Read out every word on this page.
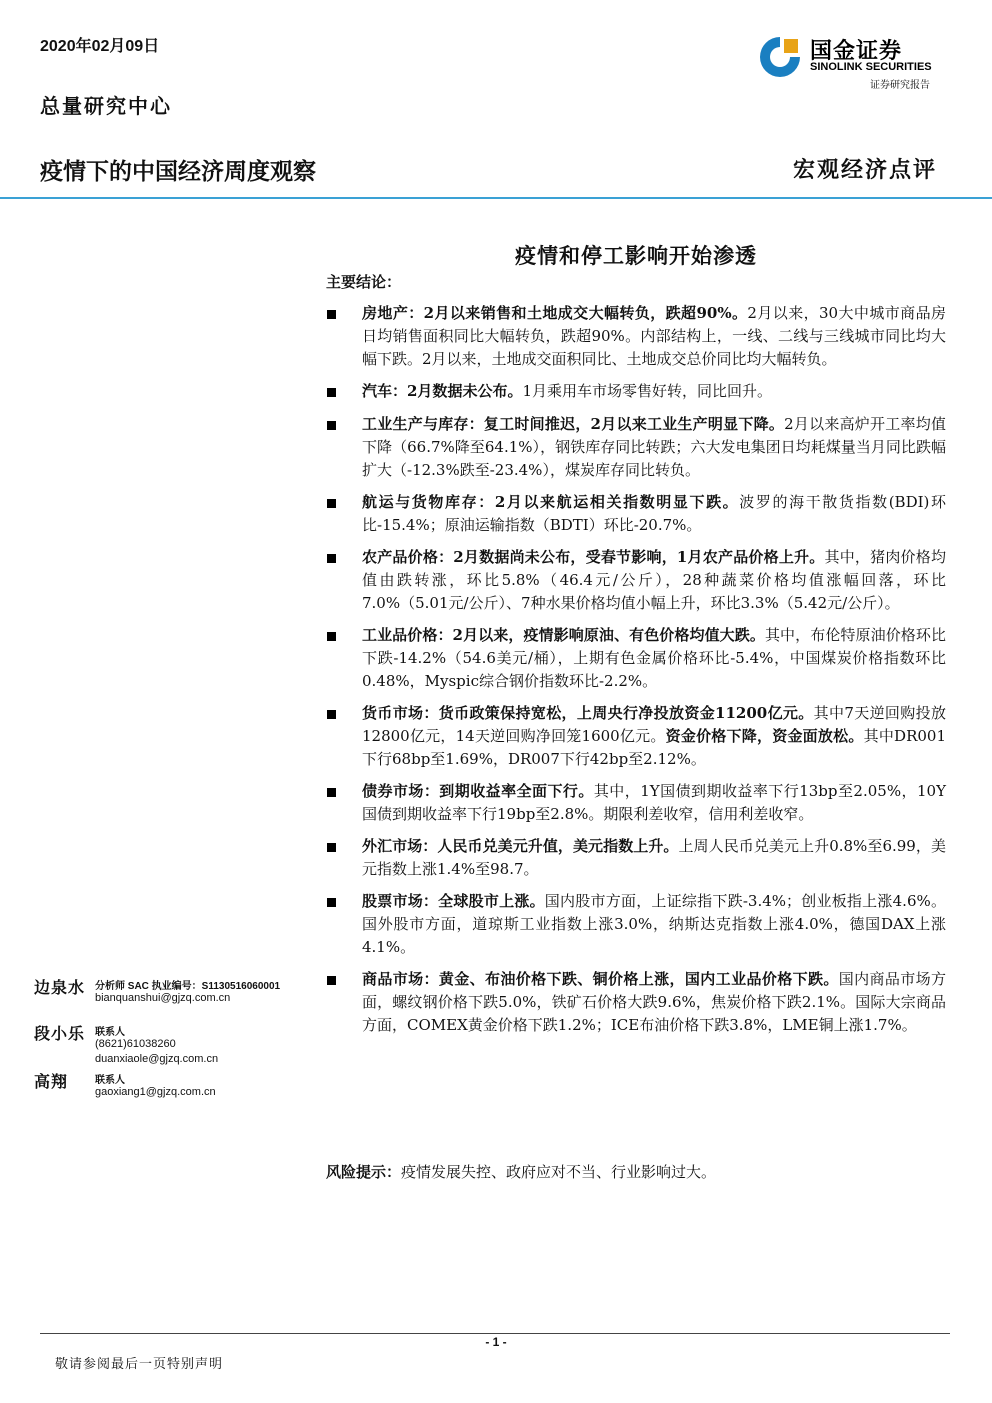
2020年02月09日
总量研究中心
国金证券
SINOLINK SECURITIES
证券研究报告
疫情下的中国经济周度观察	宏观经济点评
疫情和停工影响开始渗透
主要结论：
房地产：2月以来销售和土地成交大幅转负，跌超90%。2月以来，30大中城市商品房日均销售面积同比大幅转负，跌超90%。内部结构上，一线、二线与三线城市同比均大幅下跌。2月以来，土地成交面积同比、土地成交总价同比均大幅转负。
汽车：2月数据未公布。1月乘用车市场零售好转，同比回升。
工业生产与库存：复工时间推迟，2月以来工业生产明显下降。2月以来高炉开工率均值下降（66.7%降至64.1%），钢铁库存同比转跌；六大发电集团日均耗煤量当月同比跌幅扩大（-12.3%跌至-23.4%），煤炭库存同比转负。
航运与货物库存：2月以来航运相关指数明显下跌。波罗的海干散货指数(BDI)环比-15.4%；原油运输指数（BDTI）环比-20.7%。
农产品价格：2月数据尚未公布，受春节影响，1月农产品价格上升。其中，猪肉价格均值由跌转涨，环比5.8%（46.4元/公斤），28种蔬菜价格均值涨幅回落，环比7.0%（5.01元/公斤）、7种水果价格均值小幅上升，环比3.3%（5.42元/公斤）。
工业品价格：2月以来，疫情影响原油、有色价格均值大跌。其中，布伦特原油价格环比下跌-14.2%（54.6美元/桶），上期有色金属价格环比-5.4%，中国煤炭价格指数环比0.48%，Myspic综合钢价指数环比-2.2%。
货币市场：货币政策保持宽松，上周央行净投放资金11200亿元。其中7天逆回购投放12800亿元，14天逆回购净回笼1600亿元。资金价格下降，资金面放松。其中DR001下行68bp至1.69%，DR007下行42bp至2.12%。
债券市场：到期收益率全面下行。其中，1Y国债到期收益率下行13bp至2.05%，10Y国债到期收益率下行19bp至2.8%。期限利差收窄，信用利差收窄。
外汇市场：人民币兑美元升值，美元指数上升。上周人民币兑美元上升0.8%至6.99，美元指数上涨1.4%至98.7。
股票市场：全球股市上涨。国内股市方面，上证综指下跌-3.4%；创业板指上涨4.6%。国外股市方面，道琼斯工业指数上涨3.0%，纳斯达克指数上涨4.0%，德国DAX上涨4.1%。
商品市场：黄金、布油价格下跌、铜价格上涨，国内工业品价格下跌。国内商品市场方面，螺纹钢价格下跌5.0%，铁矿石价格大跌9.6%，焦炭价格下跌2.1%。国际大宗商品方面，COMEX黄金价格下跌1.2%；ICE布油价格下跌3.8%，LME铜上涨1.7%。
风险提示：疫情发展失控、政府应对不当、行业影响过大。
边泉水 分析师 SAC 执业编号：S1130516060001
bianquanshui@gjzq.com.cn
段小乐 联系人
(8621)61038260
duanxiaole@gjzq.com.cn
高翔	联系人
gaoxiang1@gjzq.com.cn
- 1 -
敬请参阅最后一页特别声明
